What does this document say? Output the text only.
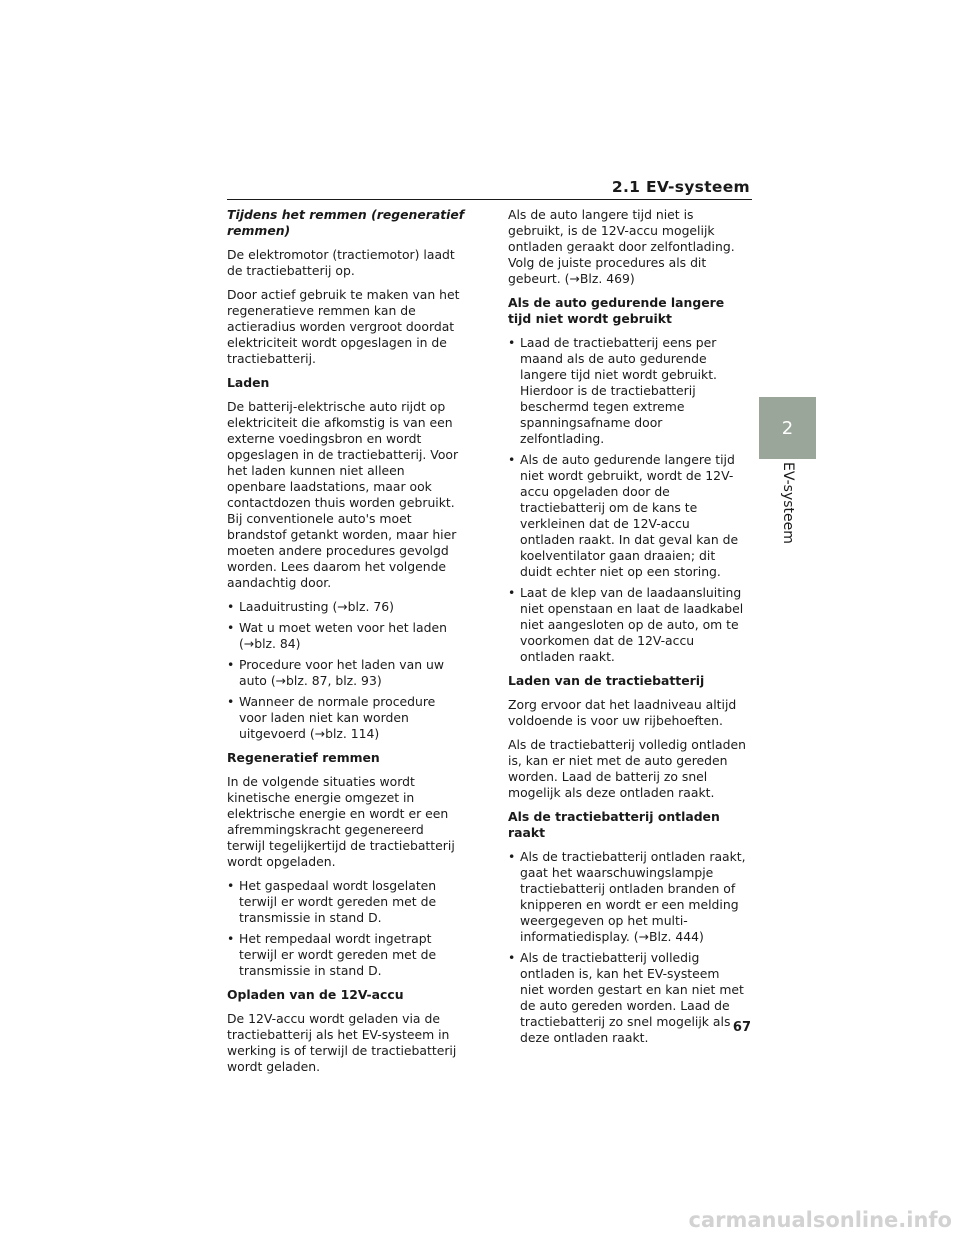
2.1 EV-systeem
Tijdens het remmen (regeneratief remmen)

De elektromotor (tractiemotor) laadt de tractiebatterij op.

Door actief gebruik te maken van het regeneratieve remmen kan de actieradius worden vergroot doordat elektriciteit wordt opgeslagen in de tractiebatterij.

Laden

De batterij-elektrische auto rijdt op elektriciteit die afkomstig is van een externe voedingsbron en wordt opgeslagen in de tractiebatterij. Voor het laden kunnen niet alleen openbare laadstations, maar ook contactdozen thuis worden gebruikt. Bij conventionele auto's moet brandstof getankt worden, maar hier moeten andere procedures gevolgd worden. Lees daarom het volgende aandachtig door.

• Laaduitrusting (→blz. 76)
• Wat u moet weten voor het laden (→blz. 84)
• Procedure voor het laden van uw auto (→blz. 87, blz. 93)
• Wanneer de normale procedure voor laden niet kan worden uitgevoerd (→blz. 114)
Regeneratief remmen

In de volgende situaties wordt kinetische energie omgezet in elektrische energie en wordt er een afremmingskracht gegenereerd terwijl tegelijkertijd de tractiebatterij wordt opgeladen.

• Het gaspedaal wordt losgelaten terwijl er wordt gereden met de transmissie in stand D.
• Het rempedaal wordt ingetrapt terwijl er wordt gereden met de transmissie in stand D.
Opladen van de 12V-accu

De 12V-accu wordt geladen via de tractiebatterij als het EV-systeem in werking is of terwijl de tractiebatterij wordt geladen.

Als de auto langere tijd niet is gebruikt, is de 12V-accu mogelijk ontladen geraakt door zelfontlading. Volg de juiste procedures als dit gebeurt. (→Blz. 469)

Als de auto gedurende langere tijd niet wordt gebruikt
• Laad de tractiebatterij eens per maand als de auto gedurende langere tijd niet wordt gebruikt. Hierdoor is de tractiebatterij beschermd tegen extreme spanningsafname door zelfontlading.
• Als de auto gedurende langere tijd niet wordt gebruikt, wordt de 12V-accu opgeladen door de tractiebatterij om de kans te verkleinen dat de 12V-accu ontladen raakt. In dat geval kan de koelventilator gaan draaien; dit duidt echter niet op een storing.
• Laat de klep van de laadaansluiting niet openstaan en laat de laadkabel niet aangesloten op de auto, om te voorkomen dat de 12V-accu ontladen raakt.
Laden van de tractiebatterij

Zorg ervoor dat het laadniveau altijd voldoende is voor uw rijbehoeften.

Als de tractiebatterij volledig ontladen is, kan er niet met de auto gereden worden. Laad de batterij zo snel mogelijk als deze ontladen raakt.

Als de tractiebatterij ontladen raakt
• Als de tractiebatterij ontladen raakt, gaat het waarschuwingslampje tractiebatterij ontladen branden of knipperen en wordt er een melding weergegeven op het multi-informatiedisplay. (→Blz. 444)
• Als de tractiebatterij volledig ontladen is, kan het EV-systeem niet worden gestart en kan niet met de auto gereden worden. Laad de tractiebatterij zo snel mogelijk als deze ontladen raakt.
2
EV-systeem
67
carmanualsonline.info
